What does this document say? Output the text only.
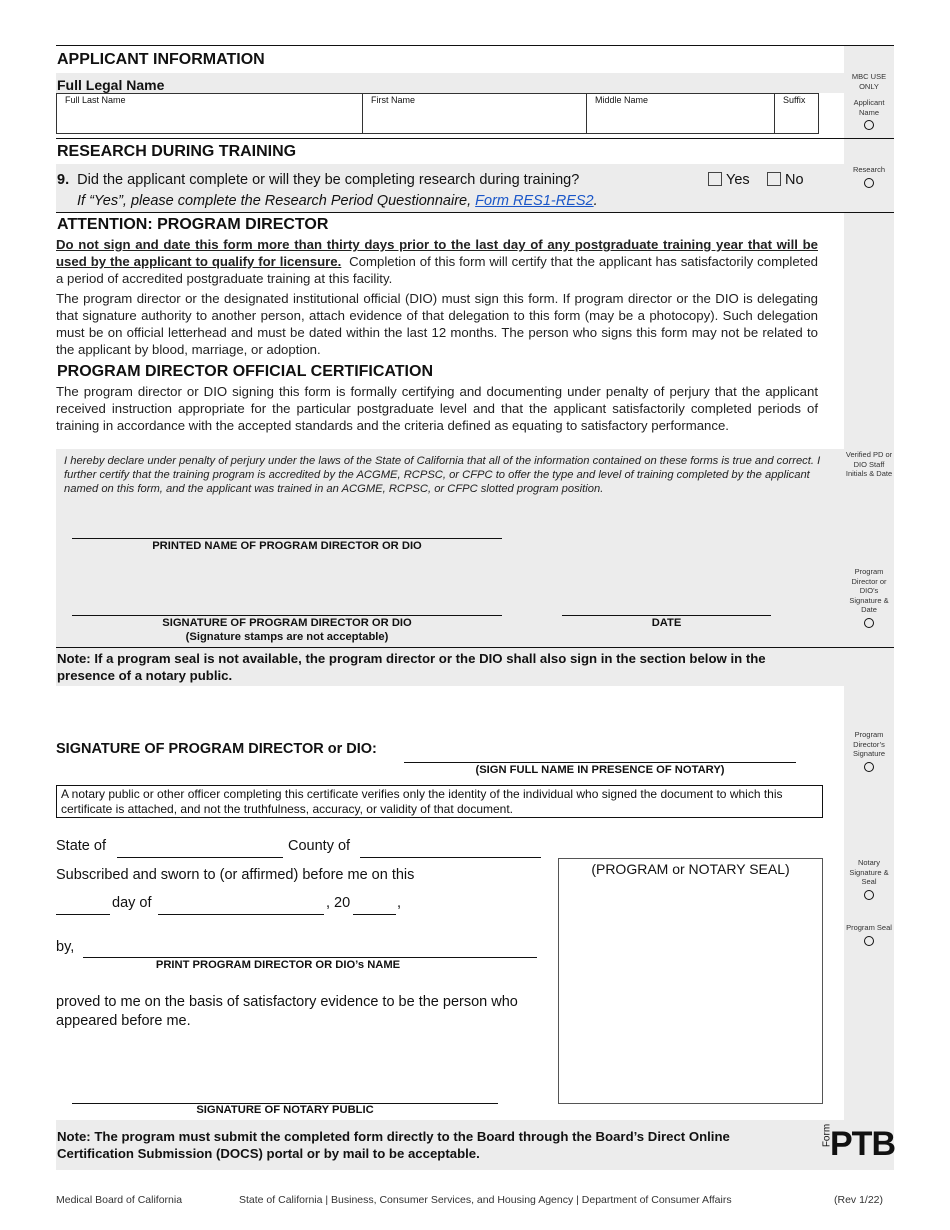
MBC USE ONLY
Applicant Name
Research
Verified PD or DIO Staff Initials & Date
Program Director or DIO’s Signature & Date
Program Director’s Signature
Notary Signature & Seal
Program Seal
APPLICANT INFORMATION
Full Legal Name
Full Last Name	First Name	Middle Name	Suffix
RESEARCH DURING TRAINING
9. Did the applicant complete or will they be completing research during training?	Yes	No
If “Yes”, please complete the Research Period Questionnaire, Form RES1-RES2.
ATTENTION: PROGRAM DIRECTOR
Do not sign and date this form more than thirty days prior to the last day of any postgraduate training year that will be used by the applicant to qualify for licensure. Completion of this form will certify that the applicant has satisfactorily completed a period of accredited postgraduate training at this facility.
The program director or the designated institutional official (DIO) must sign this form. If program director or the DIO is delegating that signature authority to another person, attach evidence of that delegation to this form (may be a photocopy). Such delegation must be on official letterhead and must be dated within the last 12 months. The person who signs this form may not be related to the applicant by blood, marriage, or adoption.
PROGRAM DIRECTOR OFFICIAL CERTIFICATION
The program director or DIO signing this form is formally certifying and documenting under penalty of perjury that the applicant received instruction appropriate for the particular postgraduate level and that the applicant satisfactorily completed periods of training in accordance with the accepted standards and the criteria defined as equating to satisfactory performance.
I hereby declare under penalty of perjury under the laws of the State of California that all of the information contained on these forms is true and correct. I further certify that the training program is accredited by the ACGME, RCPSC, or CFPC to offer the type and level of training completed by the applicant named on this form, and the applicant was trained in an ACGME, RCPSC, or CFPC slotted program position.
PRINTED NAME OF PROGRAM DIRECTOR OR DIO
SIGNATURE OF PROGRAM DIRECTOR OR DIO
(Signature stamps are not acceptable)
DATE
Note: If a program seal is not available, the program director or the DIO shall also sign in the section below in the presence of a notary public.
SIGNATURE OF PROGRAM DIRECTOR or DIO:
(SIGN FULL NAME IN PRESENCE OF NOTARY)
A notary public or other officer completing this certificate verifies only the identity of the individual who signed the document to which this certificate is attached, and not the truthfulness, accuracy, or validity of that document.
State of	County of
Subscribed and sworn to (or affirmed) before me on this
day of	, 20	,
by,
PRINT PROGRAM DIRECTOR OR DIO’s NAME
proved to me on the basis of satisfactory evidence to be the person who appeared before me.
(PROGRAM or NOTARY SEAL)
SIGNATURE OF NOTARY PUBLIC
Note: The program must submit the completed form directly to the Board through the Board’s Direct Online Certification Submission (DOCS) portal or by mail to be acceptable.
Form
PTB
Medical Board of California	State of California | Business, Consumer Services, and Housing Agency | Department of Consumer Affairs	(Rev 1/22)
